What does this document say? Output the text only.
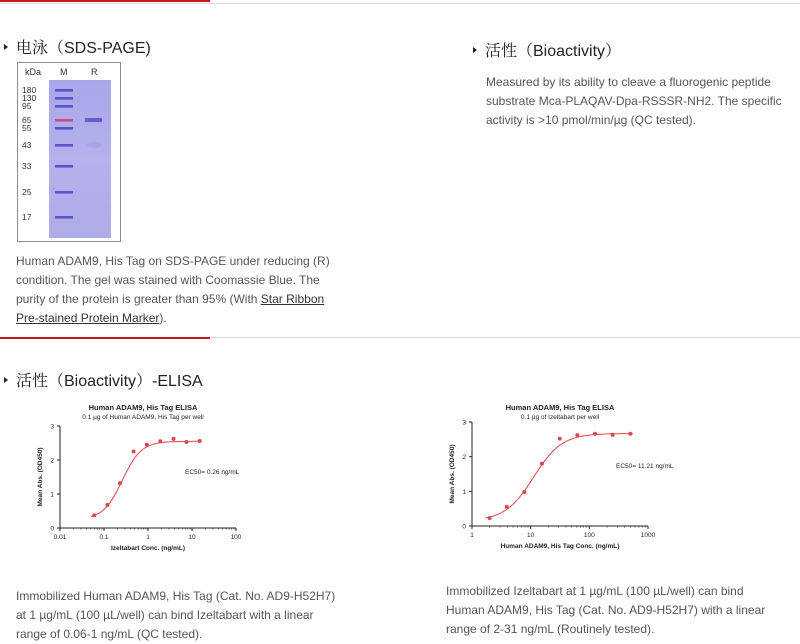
电泳（SDS-PAGE)
kDa M	R
180
130
95
65
55
43
33
25
17
Human ADAM9, His Tag on SDS-PAGE under reducing (R)
condition. The gel was stained with Coomassie Blue. The
purity of the protein is greater than 95% (With Star Ribbon
Pre-stained Protein Marker).
活性（Bioactivity）
Measured by its ability to cleave a fluorogenic peptide
substrate Mca-PLAQAV-Dpa-RSSSR-NH2. The specific
activity is >10 pmol/min/µg (QC tested).
活性（Bioactivity）-ELISA
Human ADAM9, His Tag ELISA
0.1 µg of Human ADAM9, His Tag per well
0.01	0.1	1	10	100
0
1
2
3
Izeltabart Conc. (ng/mL)
Mean Abs. (OD450)	EC50= 0.26 ng/mL
Human ADAM9, His Tag ELISA
0.1 µg of Izeltabart per well
1	10	100	1000
0
1
2
3
Human ADAM9, His Tag Conc. (ng/mL)
Mean Abs. (OD450)	EC50= 11.21 ng/mL
Immobilized Human ADAM9, His Tag (Cat. No. AD9-H52H7)
at 1 µg/mL (100 µL/well) can bind Izeltabart with a linear
range of 0.06-1 ng/mL (QC tested).
Immobilized Izeltabart at 1 µg/mL (100 µL/well) can bind
Human ADAM9, His Tag (Cat. No. AD9-H52H7) with a linear
range of 2-31 ng/mL (Routinely tested).
